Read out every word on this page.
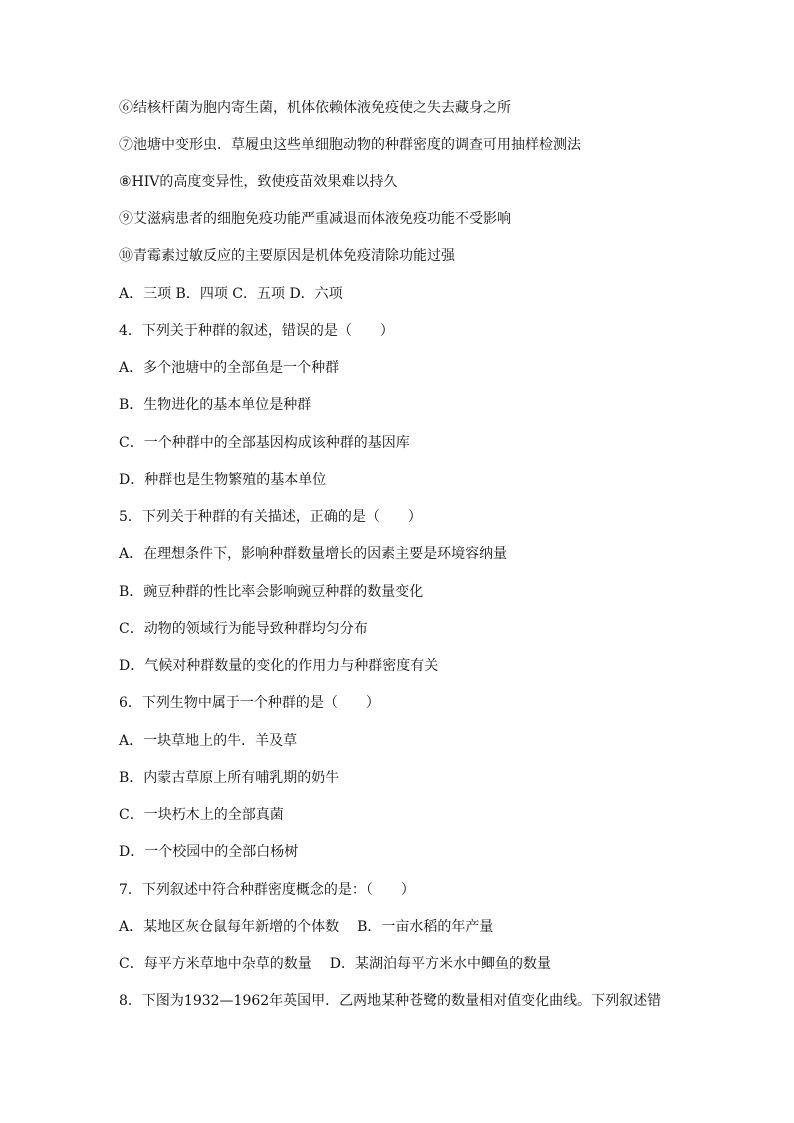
⑥结核杆菌为胞内寄生菌，机体依赖体液免疫使之失去藏身之所
⑦池塘中变形虫．草履虫这些单细胞动物的种群密度的调查可用抽样检测法
⑧HIV的高度变异性，致使疫苗效果难以持久
⑨艾滋病患者的细胞免疫功能严重减退而体液免疫功能不受影响
⑩青霉素过敏反应的主要原因是机体免疫清除功能过强
A．三项 B．四项 C．五项 D．六项
4．下列关于种群的叙述，错误的是（　　）
A．多个池塘中的全部鱼是一个种群
B．生物进化的基本单位是种群
C．一个种群中的全部基因构成该种群的基因库
D．种群也是生物繁殖的基本单位
5．下列关于种群的有关描述，正确的是（　　）
A．在理想条件下，影响种群数量增长的因素主要是环境容纳量
B．豌豆种群的性比率会影响豌豆种群的数量变化
C．动物的领域行为能导致种群均匀分布
D．气候对种群数量的变化的作用力与种群密度有关
6．下列生物中属于一个种群的是（　　）
A．一块草地上的牛．羊及草
B．内蒙古草原上所有哺乳期的奶牛
C．一块朽木上的全部真菌
D．一个校园中的全部白杨树
7．下列叙述中符合种群密度概念的是：（　　）
A．某地区灰仓鼠每年新增的个体数 B．一亩水稻的年产量
C．每平方米草地中杂草的数量 D．某湖泊每平方米水中鲫鱼的数量
8．下图为1932—1962年英国甲．乙两地某种苍鹭的数量相对值变化曲线。下列叙述错
